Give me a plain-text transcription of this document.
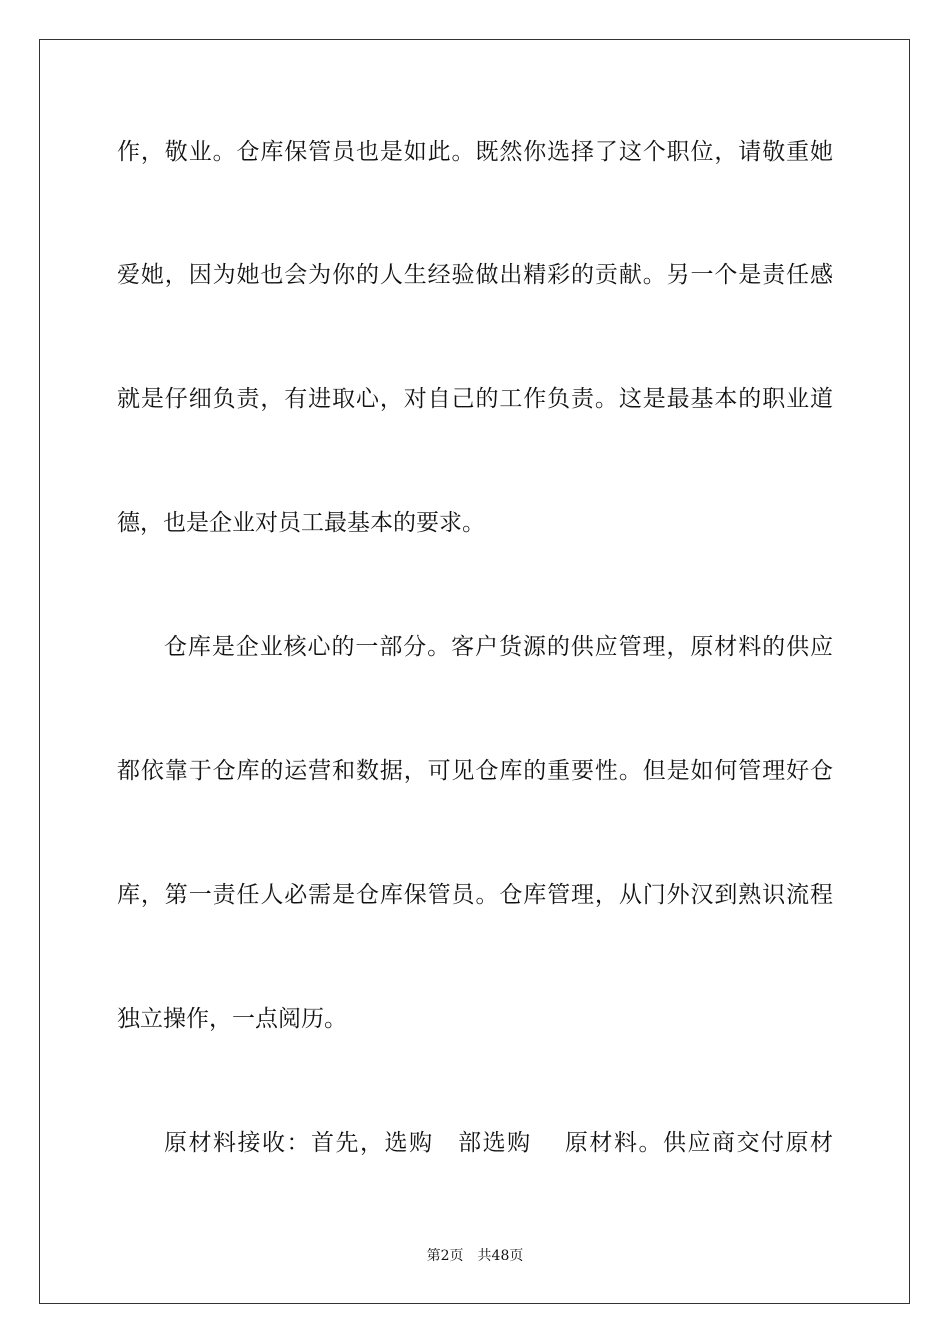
作，敬业。仓库保管员也是如此。既然你选择了这个职位，请敬重她
爱她，因为她也会为你的人生经验做出精彩的贡献。另一个是责任感
就是仔细负责，有进取心，对自己的工作负责。这是最基本的职业道
德，也是企业对员工最基本的要求。
仓库是企业核心的一部分。客户货源的供应管理，原材料的供应
都依靠于仓库的运营和数据，可见仓库的重要性。但是如何管理好仓
库，第一责任人必需是仓库保管员。仓库管理，从门外汉到熟识流程
独立操作，一点阅历。
原材料接收：首先，选购　部选购　 原材料。供应商交付原材
第2页　共48页
